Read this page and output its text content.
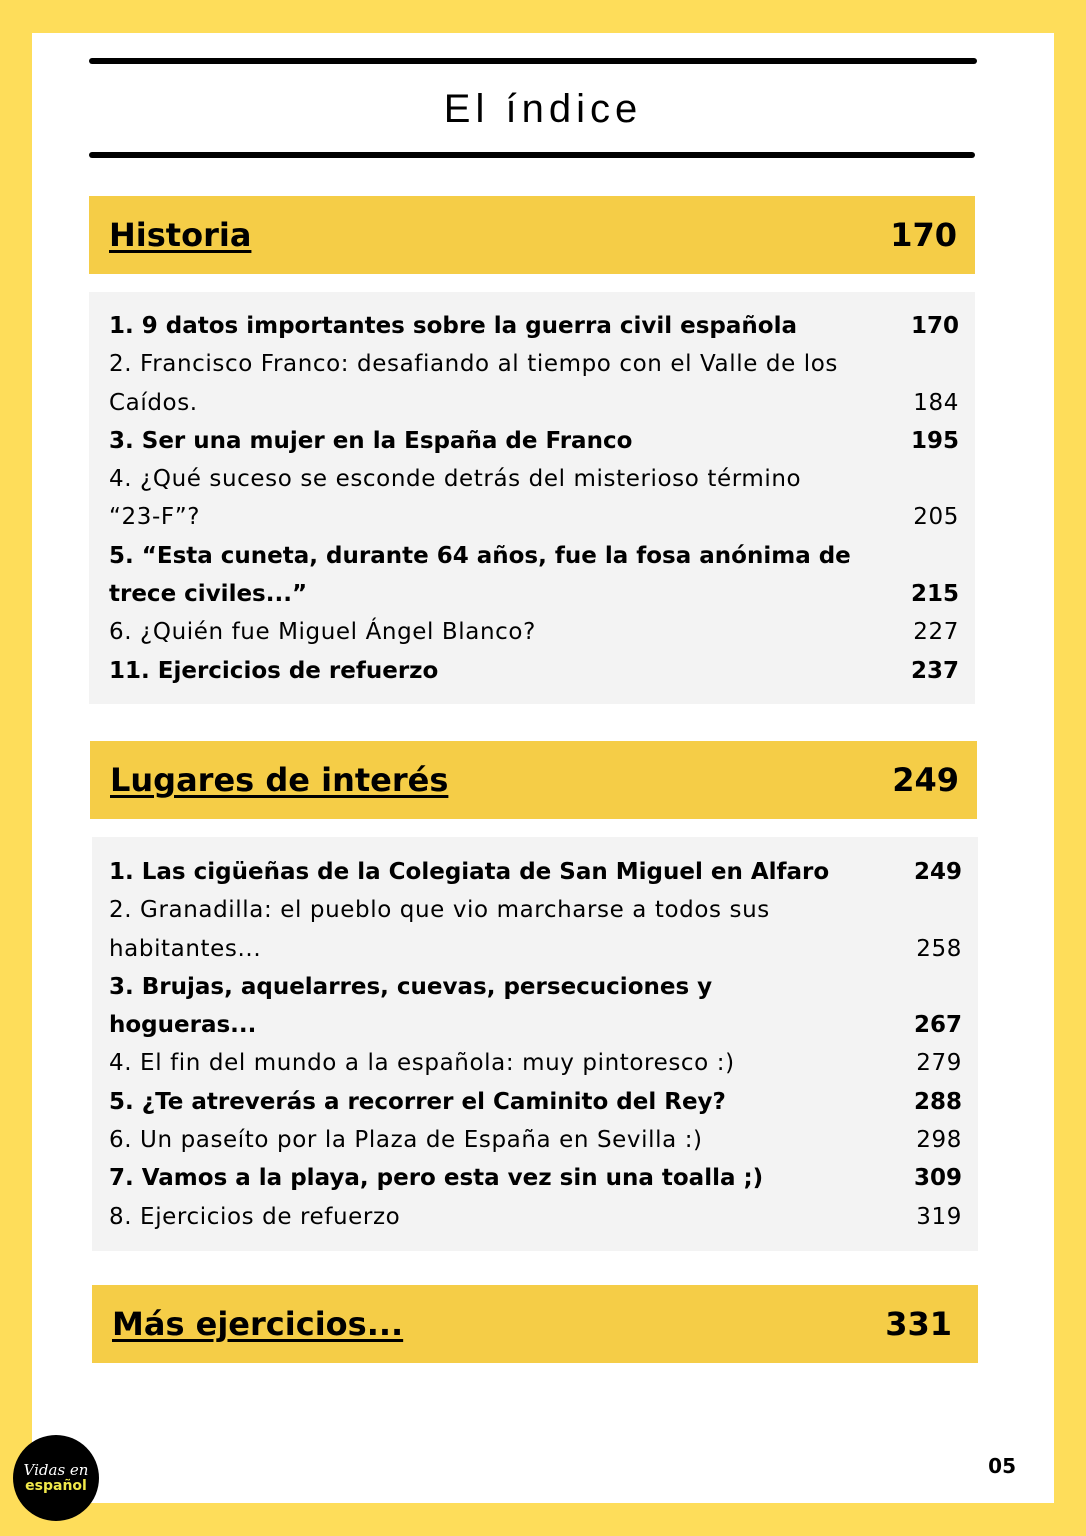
El índice
Historia	170
1. 9 datos importantes sobre la guerra civil española	170
2. Francisco Franco: desafiando al tiempo con el Valle de los Caídos.	184
3. Ser una mujer en la España de Franco	195
4. ¿Qué suceso se esconde detrás del misterioso término “23-F”?	205
5. “Esta cuneta, durante 64 años, fue la fosa anónima de trece civiles...”	215
6. ¿Quién fue Miguel Ángel Blanco?	227
11. Ejercicios de refuerzo	237
Lugares de interés	249
1. Las cigüeñas de la Colegiata de San Miguel en Alfaro	249
2. Granadilla: el pueblo que vio marcharse a todos sus habitantes...	258
3. Brujas, aquelarres, cuevas, persecuciones y hogueras...	267
4. El fin del mundo a la española: muy pintoresco :)	279
5. ¿Te atreverás a recorrer el Caminito del Rey?	288
6. Un paseíto por la Plaza de España en Sevilla :)	298
7. Vamos a la playa, pero esta vez sin una toalla ;)	309
8. Ejercicios de refuerzo	319
Más ejercicios...	331
Vidas en
español
05
